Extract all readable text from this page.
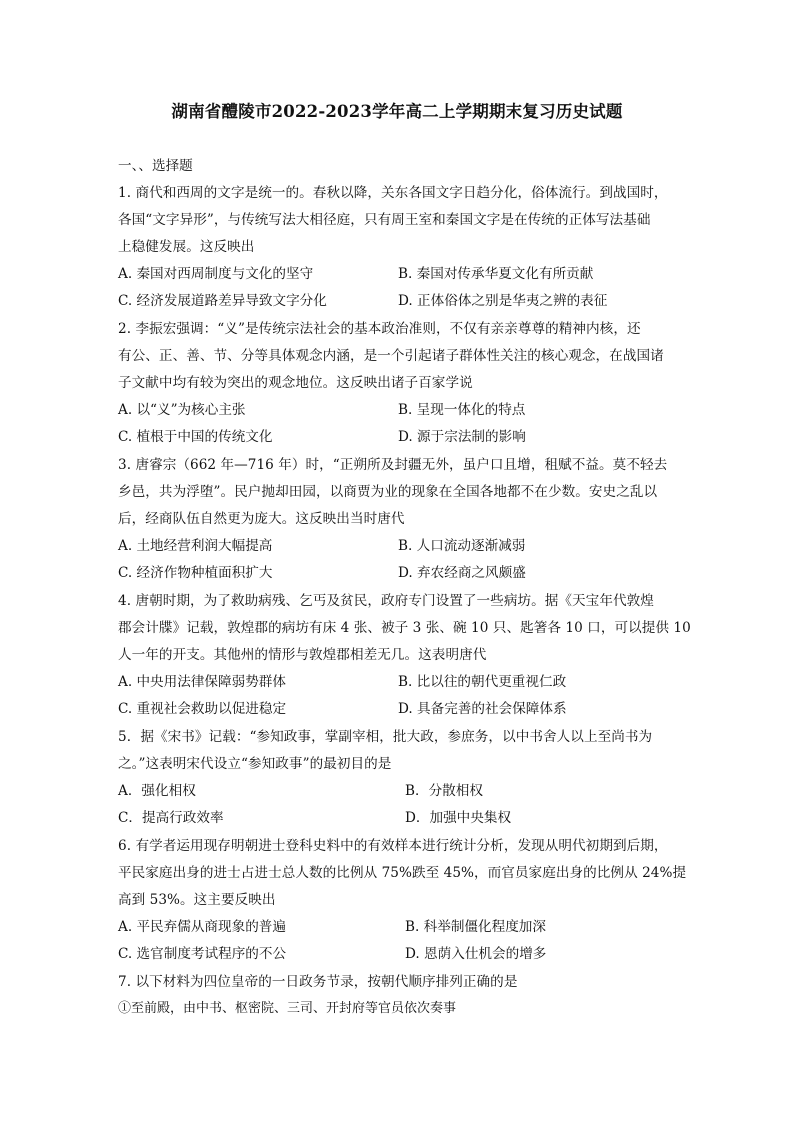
湖南省醴陵市2022-2023学年高二上学期期末复习历史试题
一、、选择题
1. 商代和西周的文字是统一的。春秋以降，关东各国文字日趋分化，俗体流行。到战国时，
各国“文字异形”，与传统写法大相径庭，只有周王室和秦国文字是在传统的正体写法基础
上稳健发展。这反映出
A. 秦国对西周制度与文化的坚守	B. 秦国对传承华夏文化有所贡献
C. 经济发展道路差异导致文字分化	D. 正体俗体之别是华夷之辨的表征
2. 李振宏强调：“义”是传统宗法社会的基本政治准则，不仅有亲亲尊尊的精神内核，还
有公、正、善、节、分等具体观念内涵，是一个引起诸子群体性关注的核心观念，在战国诸
子文献中均有较为突出的观念地位。这反映出诸子百家学说
A. 以“义”为核心主张	B. 呈现一体化的特点
C. 植根于中国的传统文化	D. 源于宗法制的影响
3. 唐睿宗（662 年—716 年）时，“正朔所及封疆无外，虽户口且增，租赋不益。莫不轻去
乡邑，共为浮堕”。民户抛却田园，以商贾为业的现象在全国各地都不在少数。安史之乱以
后，经商队伍自然更为庞大。这反映出当时唐代
A. 土地经营利润大幅提高	B. 人口流动逐渐减弱
C. 经济作物种植面积扩大	D. 弃农经商之风颇盛
4. 唐朝时期，为了救助病残、乞丐及贫民，政府专门设置了一些病坊。据《天宝年代敦煌
郡会计牒》记载，敦煌郡的病坊有床 4 张、被子 3 张、碗 10 只、匙箸各 10 口，可以提供 10
人一年的开支。其他州的情形与敦煌郡相差无几。这表明唐代
A. 中央用法律保障弱势群体	B. 比以往的朝代更重视仁政
C. 重视社会救助以促进稳定	D. 具备完善的社会保障体系
5．据《宋书》记载：“参知政事，掌副宰相，批大政，参庶务，以中书舍人以上至尚书为
之。”这表明宋代设立“参知政事”的最初目的是
A．强化相权	B．分散相权
C．提高行政效率	D．加强中央集权
6. 有学者运用现存明朝进士登科史料中的有效样本进行统计分析，发现从明代初期到后期，
平民家庭出身的进士占进士总人数的比例从 75%跌至 45%，而官员家庭出身的比例从 24%提
高到 53%。这主要反映出
A. 平民弃儒从商现象的普遍	B. 科举制僵化程度加深
C. 选官制度考试程序的不公	D. 恩荫入仕机会的增多
7. 以下材料为四位皇帝的一日政务节录，按朝代顺序排列正确的是
①至前殿，由中书、枢密院、三司、开封府等官员依次奏事
